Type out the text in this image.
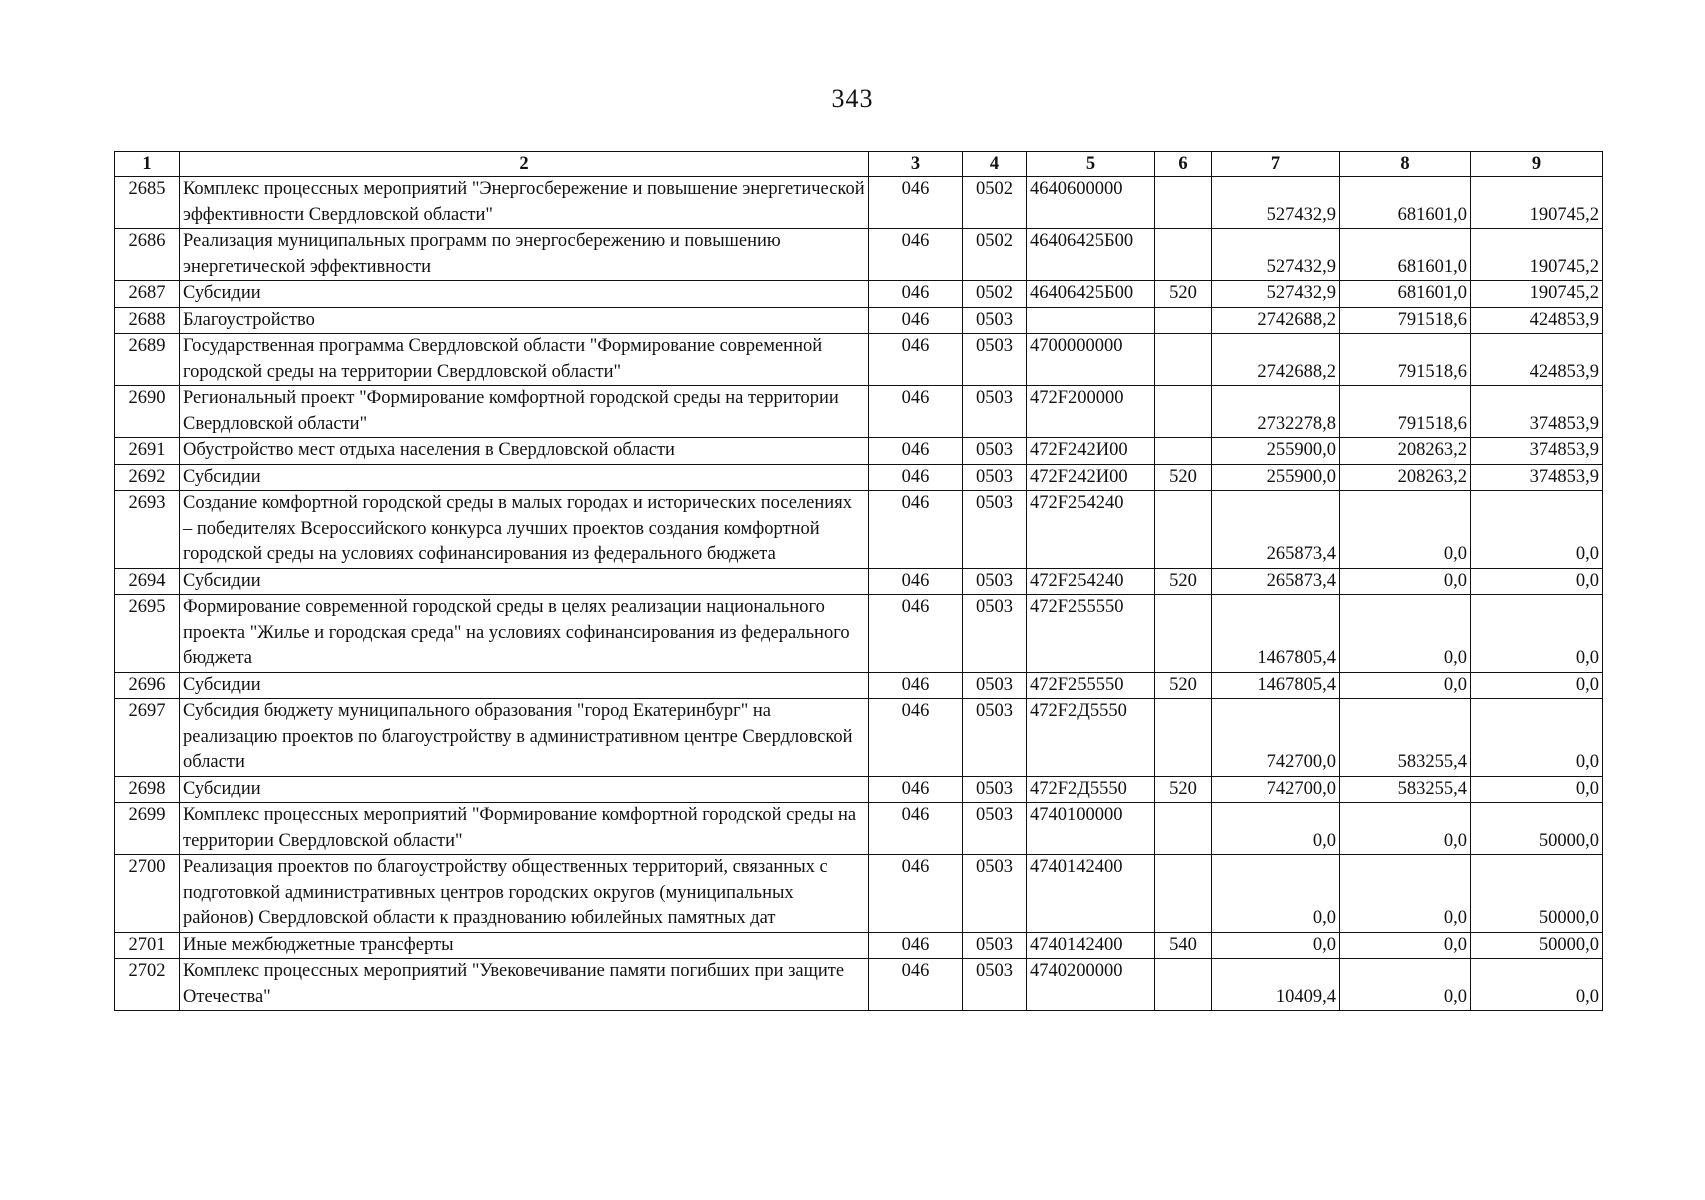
343
1	2	3	4	5	6	7	8	9
2685	Комплекс процессных мероприятий "Энергосбережение и повышение энергетической эффективности Свердловской области"	046	0502	4640600000		527432,9	681601,0	190745,2
2686	Реализация муниципальных программ по энергосбережению и повышению энергетической эффективности	046	0502	46406425Б00		527432,9	681601,0	190745,2
2687	Субсидии	046	0502	46406425Б00	520	527432,9	681601,0	190745,2
2688	Благоустройство	046	0503			2742688,2	791518,6	424853,9
2689	Государственная программа Свердловской области "Формирование современной городской среды на территории Свердловской области"	046	0503	4700000000		2742688,2	791518,6	424853,9
2690	Региональный проект "Формирование комфортной городской среды на территории Свердловской области"	046	0503	472F200000		2732278,8	791518,6	374853,9
2691	Обустройство мест отдыха населения в Свердловской области	046	0503	472F242И00		255900,0	208263,2	374853,9
2692	Субсидии	046	0503	472F242И00	520	255900,0	208263,2	374853,9
2693	Создание комфортной городской среды в малых городах и исторических поселениях – победителях Всероссийского конкурса лучших проектов создания комфортной городской среды на условиях софинансирования из федерального бюджета	046	0503	472F254240		265873,4	0,0	0,0
2694	Субсидии	046	0503	472F254240	520	265873,4	0,0	0,0
2695	Формирование современной городской среды в целях реализации национального проекта "Жилье и городская среда" на условиях софинансирования из федерального бюджета	046	0503	472F255550		1467805,4	0,0	0,0
2696	Субсидии	046	0503	472F255550	520	1467805,4	0,0	0,0
2697	Субсидия бюджету муниципального образования "город Екатеринбург" на реализацию проектов по благоустройству в административном центре Свердловской области	046	0503	472F2Д5550		742700,0	583255,4	0,0
2698	Субсидии	046	0503	472F2Д5550	520	742700,0	583255,4	0,0
2699	Комплекс процессных мероприятий "Формирование комфортной городской среды на территории Свердловской области"	046	0503	4740100000		0,0	0,0	50000,0
2700	Реализация проектов по благоустройству общественных территорий, связанных с подготовкой административных центров городских округов (муниципальных районов) Свердловской области к празднованию юбилейных памятных дат	046	0503	4740142400		0,0	0,0	50000,0
2701	Иные межбюджетные трансферты	046	0503	4740142400	540	0,0	0,0	50000,0
2702	Комплекс процессных мероприятий "Увековечивание памяти погибших при защите Отечества"	046	0503	4740200000		10409,4	0,0	0,0
